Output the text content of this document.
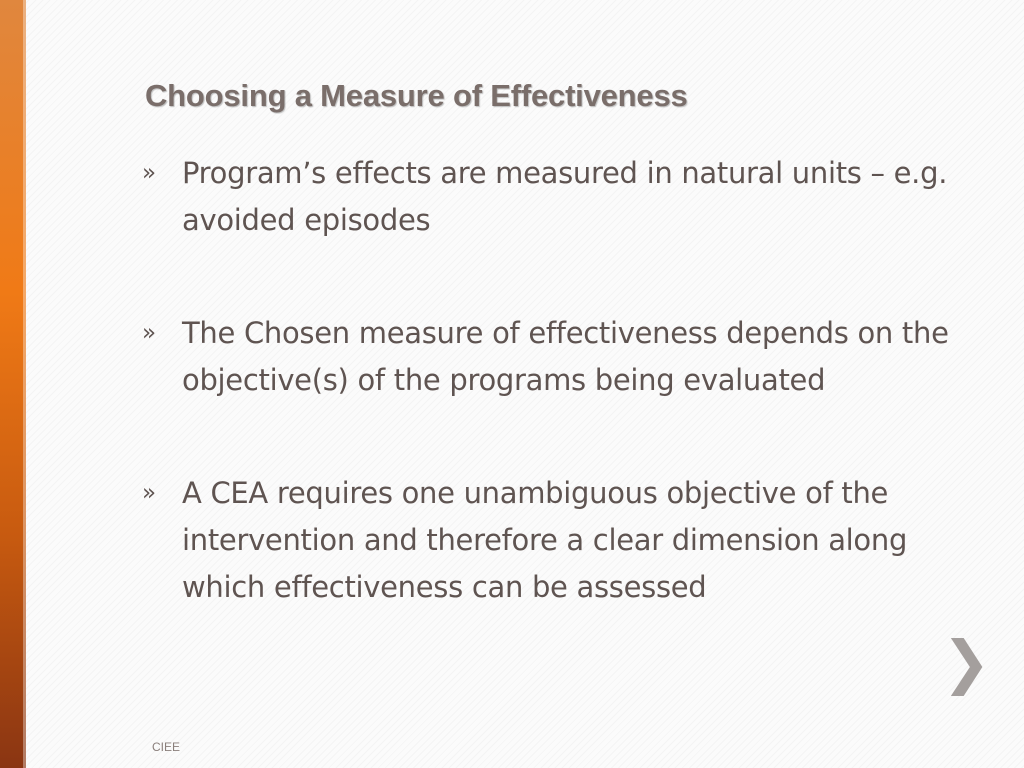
Choosing a Measure of Effectiveness
» Program’s effects are measured in natural units – e.g. avoided episodes
» The Chosen measure of effectiveness depends on the objective(s) of the programs being evaluated
» A CEA requires one unambiguous objective of the intervention and therefore a clear dimension along which effectiveness can be assessed
❯
CIEE
